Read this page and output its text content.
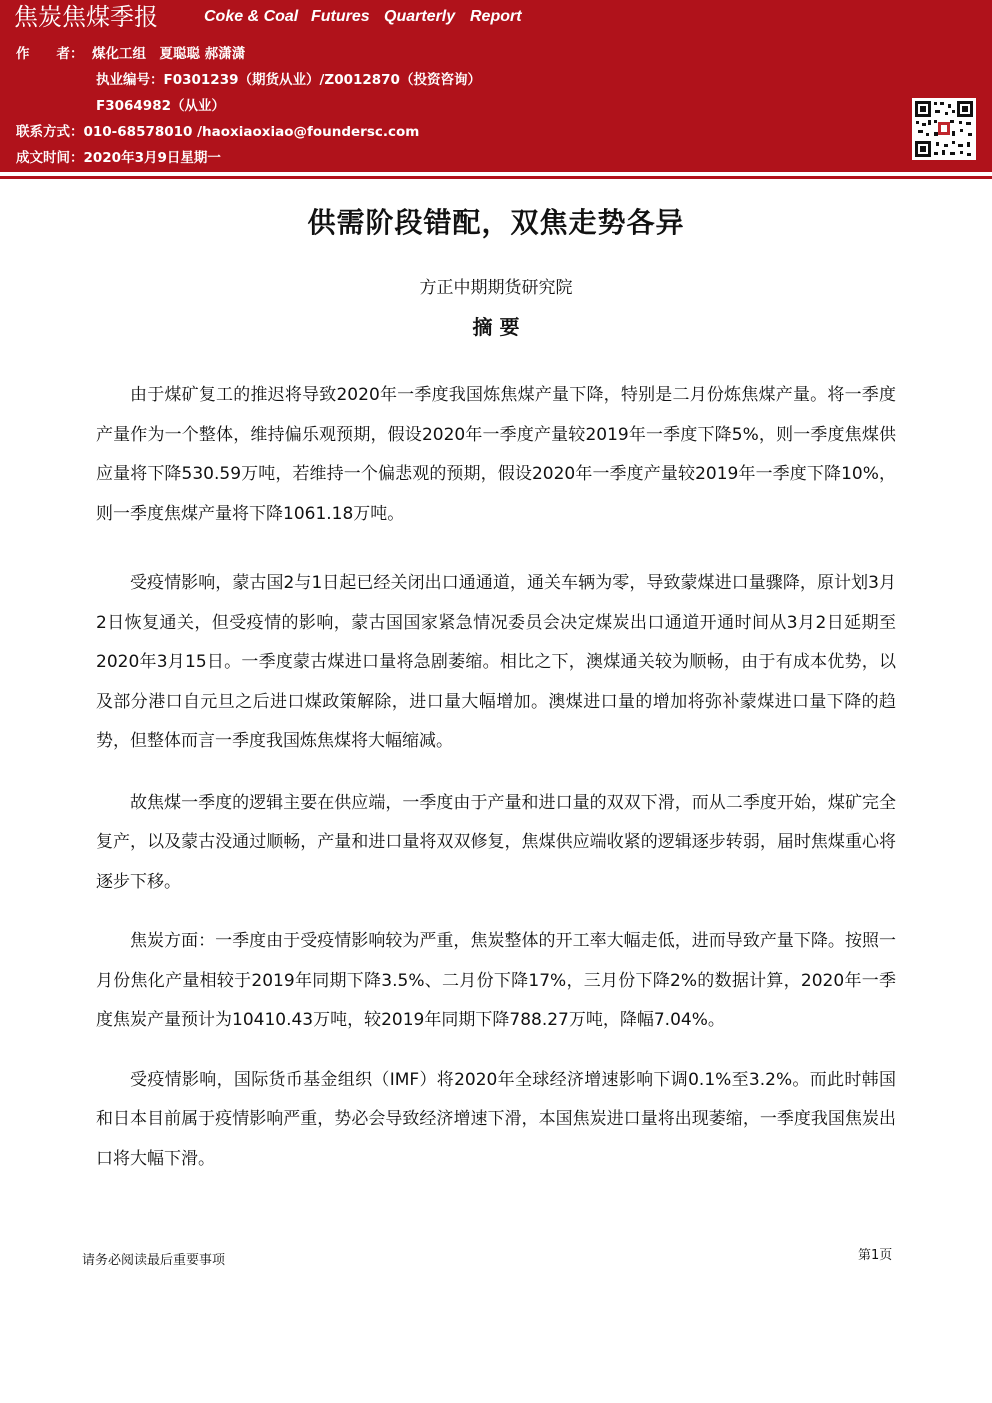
焦炭焦煤季报	Coke & Coal Futures Quarterly Report
作　　者： 煤化工组　夏聪聪 郝潇潇
执业编号：F0301239（期货从业）/Z0012870（投资咨询）
F3064982（从业）
联系方式：010-68578010 /haoxiaoxiao@foundersc.com
成文时间：2020年3月9日星期一
供需阶段错配，双焦走势各异
方正中期期货研究院
摘 要

由于煤矿复工的推迟将导致2020年一季度我国炼焦煤产量下降，特别是二月份炼焦煤产量。将一季度产量作为一个整体，维持偏乐观预期，假设2020年一季度产量较2019年一季度下降5%，则一季度焦煤供应量将下降530.59万吨，若维持一个偏悲观的预期，假设2020年一季度产量较2019年一季度下降10%，则一季度焦煤产量将下降1061.18万吨。

受疫情影响，蒙古国2与1日起已经关闭出口通通道，通关车辆为零，导致蒙煤进口量骤降，原计划3月2日恢复通关，但受疫情的影响，蒙古国国家紧急情况委员会决定煤炭出口通道开通时间从3月2日延期至2020年3月15日。一季度蒙古煤进口量将急剧萎缩。相比之下，澳煤通关较为顺畅，由于有成本优势，以及部分港口自元旦之后进口煤政策解除，进口量大幅增加。澳煤进口量的增加将弥补蒙煤进口量下降的趋势，但整体而言一季度我国炼焦煤将大幅缩减。

故焦煤一季度的逻辑主要在供应端，一季度由于产量和进口量的双双下滑，而从二季度开始，煤矿完全复产，以及蒙古没通过顺畅，产量和进口量将双双修复，焦煤供应端收紧的逻辑逐步转弱，届时焦煤重心将逐步下移。

焦炭方面：一季度由于受疫情影响较为严重，焦炭整体的开工率大幅走低，进而导致产量下降。按照一月份焦化产量相较于2019年同期下降3.5%、二月份下降17%，三月份下降2%的数据计算，2020年一季度焦炭产量预计为10410.43万吨，较2019年同期下降788.27万吨，降幅7.04%。

受疫情影响，国际货币基金组织（IMF）将2020年全球经济增速影响下调0.1%至3.2%。而此时韩国和日本目前属于疫情影响严重，势必会导致经济增速下滑，本国焦炭进口量将出现萎缩，一季度我国焦炭出口将大幅下滑。

请务必阅读最后重要事项	第1页
